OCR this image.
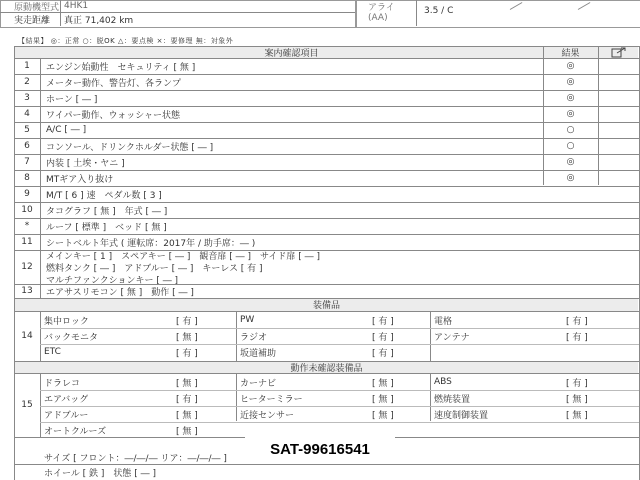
原動機型式 4HK1
実走距離 真正 71,402 km
アライ
(AA)
3.5 / C
【結果】 ◎：正常 ○：脱OK △：要点検 ×：要修理 無：対象外
案内確認項目	結果
1	エンジン始動性　セキュリティ [ 無 ]	◎
2	メーター動作、警告灯、各ランプ	◎
3	ホーン [ ― ]	◎
4	ワイパー動作、ウォッシャー状態	◎
5	A/C [ ― ]	○
6	コンソール、ドリンクホルダー状態 [ ― ]	○
7	内装 [ 土埃・ヤニ ]	◎
8	MTギア入り抜け	◎
9	M/T [ 6 ] 速　ペダル数 [ 3 ]
10	タコグラフ [ 無 ]　年式 [ ― ]
*	ルーフ [ 標準 ]　ベッド [ 無 ]
11	シートベルト年式 ( 運転席：2017年 / 助手席：― )
12
メインキー [ 1 ]　スペアキー [ ― ]　観音扉 [ ― ]　サイド扉 [ ― ]
燃料タンク [ ― ]　アドブルー [ ― ]　キーレス [ 有 ]
マルチファンクションキー [ ― ]
13	エアサスリモコン [ 無 ]　動作 [ ― ]
装備品
14
集中ロック	[ 有 ]	PW	[ 有 ]	電格	[ 有 ]
バックモニタ	[ 無 ]	ラジオ	[ 有 ]	アンテナ	[ 有 ]
ETC	[ 有 ]	坂道補助	[ 有 ]
動作未確認装備品
15
ドラレコ	[ 無 ]	カーナビ	[ 無 ]	ABS	[ 有 ]
エアバッグ	[ 有 ]	ヒーターミラー	[ 無 ]	燃焼装置	[ 無 ]
アドブルー	[ 無 ]	近接センサー	[ 無 ]	速度制御装置	[ 無 ]
オートクルーズ	[ 無 ]
サイズ [ フロント：―/―/― リア：―/―/― ]
ホイール [ 鉄 ]　状態 [ ― ]
SAT-99616541
